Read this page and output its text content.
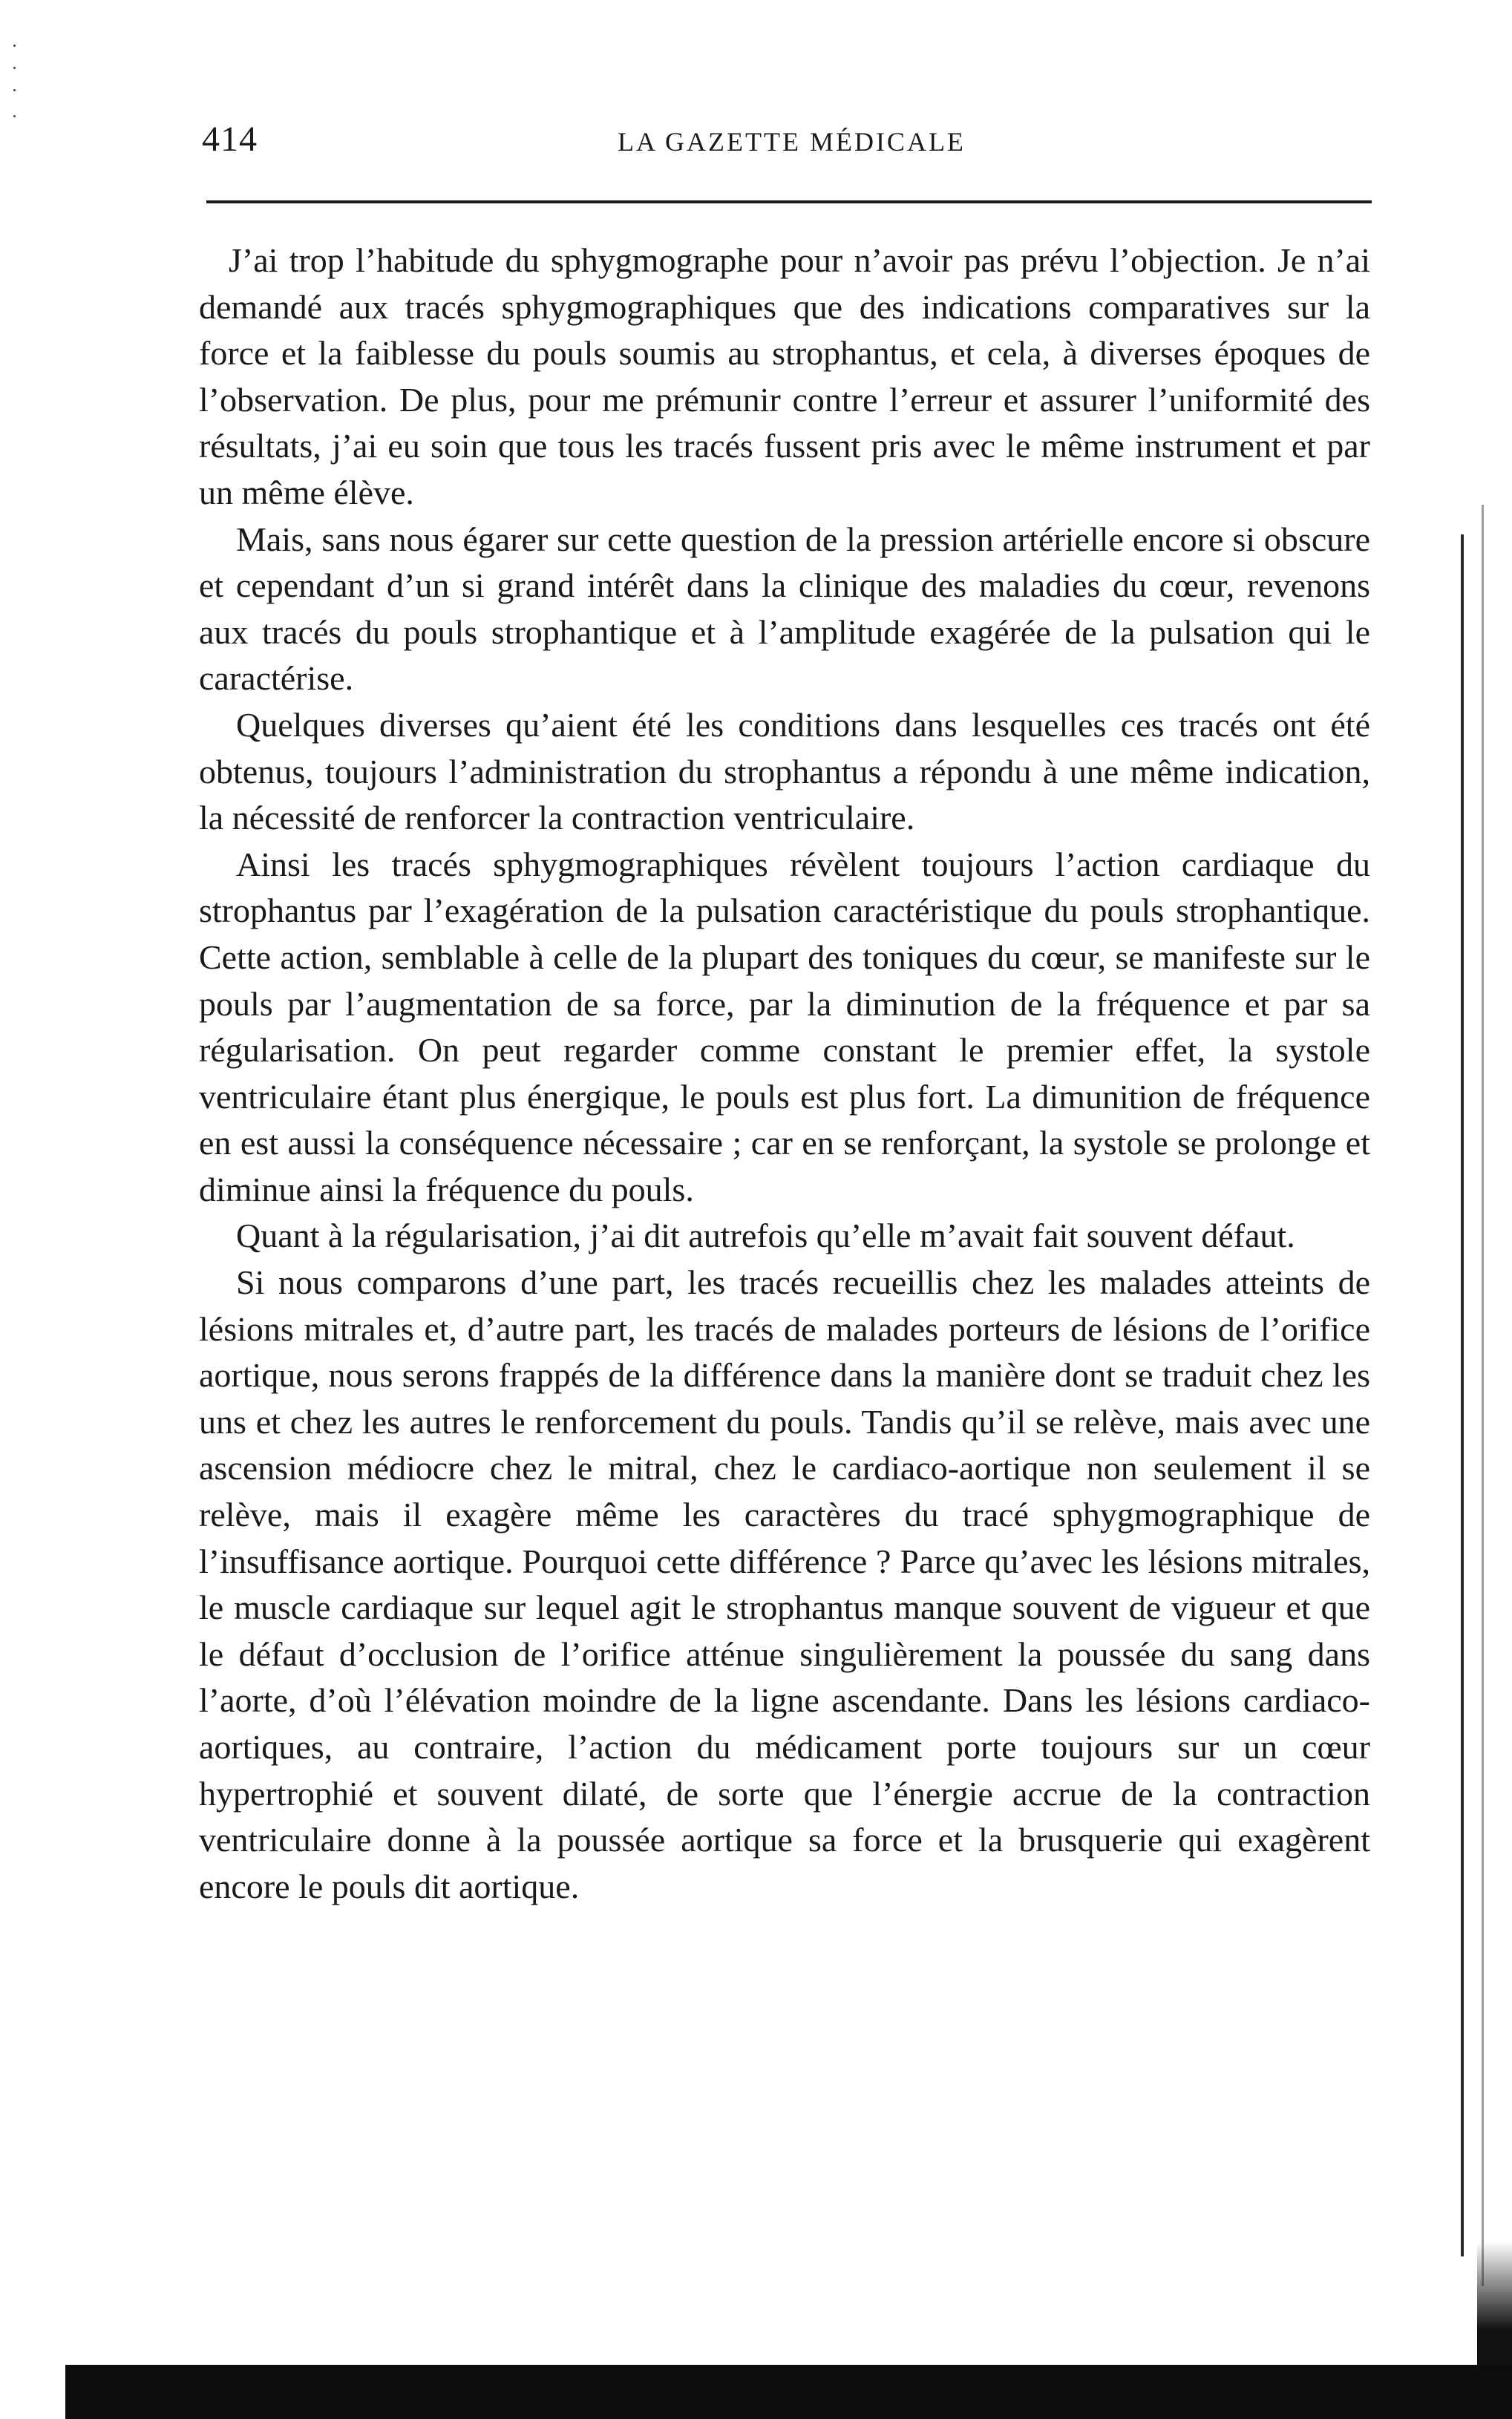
414	LA GAZETTE MÉDICALE

J’ai trop l’habitude du sphygmographe pour n’avoir pas prévu l’objection. Je n’ai demandé aux tracés sphygmographiques que des indications comparatives sur la force et la faiblesse du pouls soumis au strophantus, et cela, à diverses époques de l’observation. De plus, pour me prémunir contre l’erreur et assurer l’uniformité des résultats, j’ai eu soin que tous les tracés fussent pris avec le même instrument et par un même élève.

Mais, sans nous égarer sur cette question de la pression artérielle encore si obscure et cependant d’un si grand intérêt dans la clinique des maladies du cœur, revenons aux tracés du pouls strophantique et à l’amplitude exagérée de la pulsation qui le caractérise.

Quelques diverses qu’aient été les conditions dans lesquelles ces tracés ont été obtenus, toujours l’administration du strophantus a répondu à une même indication, la nécessité de renforcer la contraction ventriculaire.

Ainsi les tracés sphygmographiques révèlent toujours l’action cardiaque du strophantus par l’exagération de la pulsation caractéristique du pouls strophantique. Cette action, semblable à celle de la plupart des toniques du cœur, se manifeste sur le pouls par l’augmentation de sa force, par la diminution de la fréquence et par sa régularisation. On peut regarder comme constant le premier effet, la systole ventriculaire étant plus énergique, le pouls est plus fort. La dimunition de fréquence en est aussi la conséquence nécessaire ; car en se renforçant, la systole se prolonge et diminue ainsi la fréquence du pouls.

Quant à la régularisation, j’ai dit autrefois qu’elle m’avait fait souvent défaut.

Si nous comparons d’une part, les tracés recueillis chez les malades atteints de lésions mitrales et, d’autre part, les tracés de malades porteurs de lésions de l’orifice aortique, nous serons frappés de la différence dans la manière dont se traduit chez les uns et chez les autres le renforcement du pouls. Tandis qu’il se relève, mais avec une ascension médiocre chez le mitral, chez le cardiaco-aortique non seulement il se relève, mais il exagère même les caractères du tracé sphygmographique de l’insuffisance aortique. Pourquoi cette différence ? Parce qu’avec les lésions mitrales, le muscle cardiaque sur lequel agit le strophantus manque souvent de vigueur et que le défaut d’occlusion de l’orifice atténue singulièrement la poussée du sang dans l’aorte, d’où l’élévation moindre de la ligne ascendante. Dans les lésions cardiaco-aortiques, au contraire, l’action du médicament porte toujours sur un cœur hypertrophié et souvent dilaté, de sorte que l’énergie accrue de la contraction ventriculaire donne à la poussée aortique sa force et la brusquerie qui exagèrent encore le pouls dit aortique.
